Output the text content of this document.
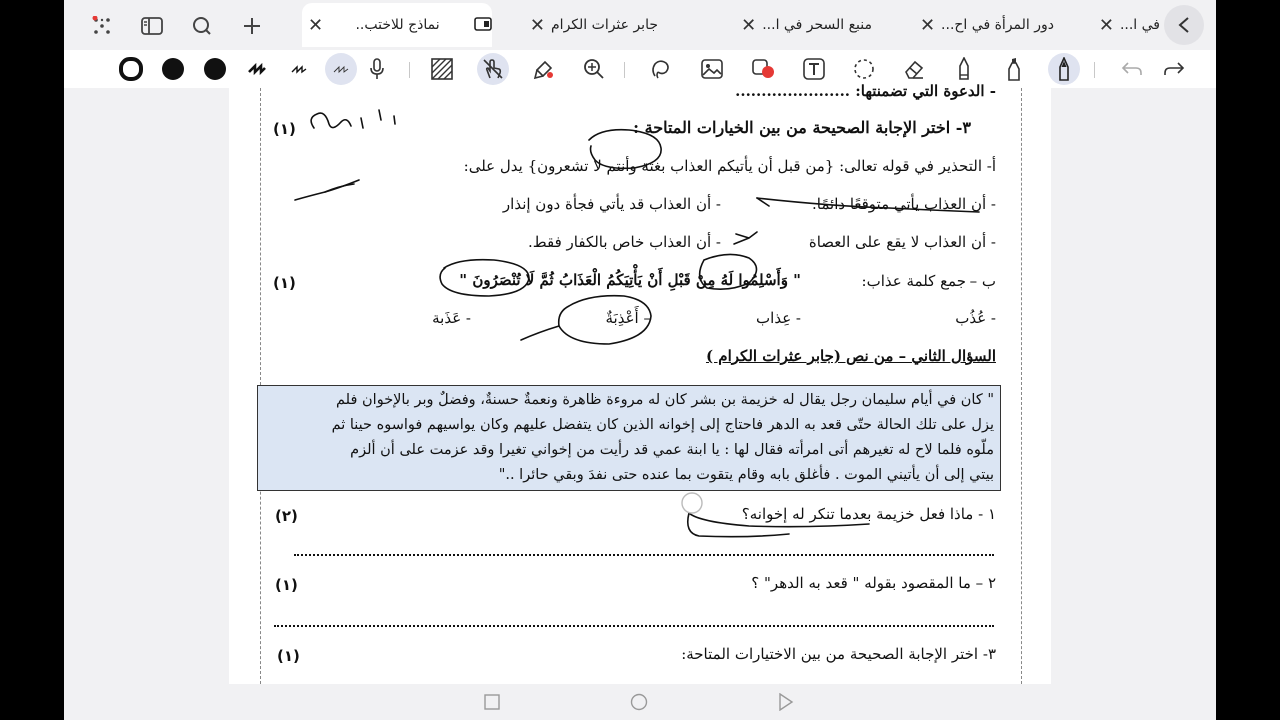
نماذج للاختب..
✕	جابر عثرات الكرام
✕	منبع السحر في ا...
✕	دور المرأة في اح...
✕	في ا...
✕
- الدعوة التي تضمنتها: ......................
٣- اختر الإجابة الصحيحة من بين الخيارات المتاحة :
(١)
أ- التحذير في قوله تعالى: {من قبل أن يأتيكم العذاب بغتة وأنتم لا تشعرون} يدل على:
- أن العذاب يأتي متوقعًا دائمًا.
- أن العذاب قد يأتي فجأة دون إنذار
- أن العذاب لا يقع على العصاة
- أن العذاب خاص بالكفار فقط.
ب –
" وَأَسْلِمُوا لَهُ مِنْ قَبْلِ أَنْ يَأْتِيَكُمُ الْعَذَابُ ثُمَّ لَا تُنْصَرُونَ "	جمع كلمة عذاب:
(١)
- عُذُب
- عِذاب
– أَعْذِبَةٌ
- عَذَبة
السؤال الثاني – من نص (جابر عثرات الكرام )

" كان في أيام سليمان رجل يقال له خزيمة بن بشر كان له مروءة ظاهرة ونعمةٌ حسنةٌ، وفضلٌ وبر بالإخوان فلم

يزل على تلك الحالة حتّى قعد به الدهر فاحتاج إلى إخوانه الذين كان يتفضل عليهم وكان يواسيهم فواسوه حينا ثم

ملّوه فلما لاح له تغيرهم أتى امرأته فقال لها : يا ابنة عمي قد رأيت من إخواني تغيرا وقد عزمت على أن ألزم

بيتي إلى أن يأتيني الموت . فأغلق بابه وقام يتقوت بما عنده حتى نفدَ وبقي حائرا .."

١ - ماذا فعل خزيمة بعدما تنكر له إخوانه؟
(٢)
٢ – ما المقصود بقوله " قعد به الدهر" ؟
(١)
٣- اختر الإجابة الصحيحة من بين الاختيارات المتاحة:
(١)
